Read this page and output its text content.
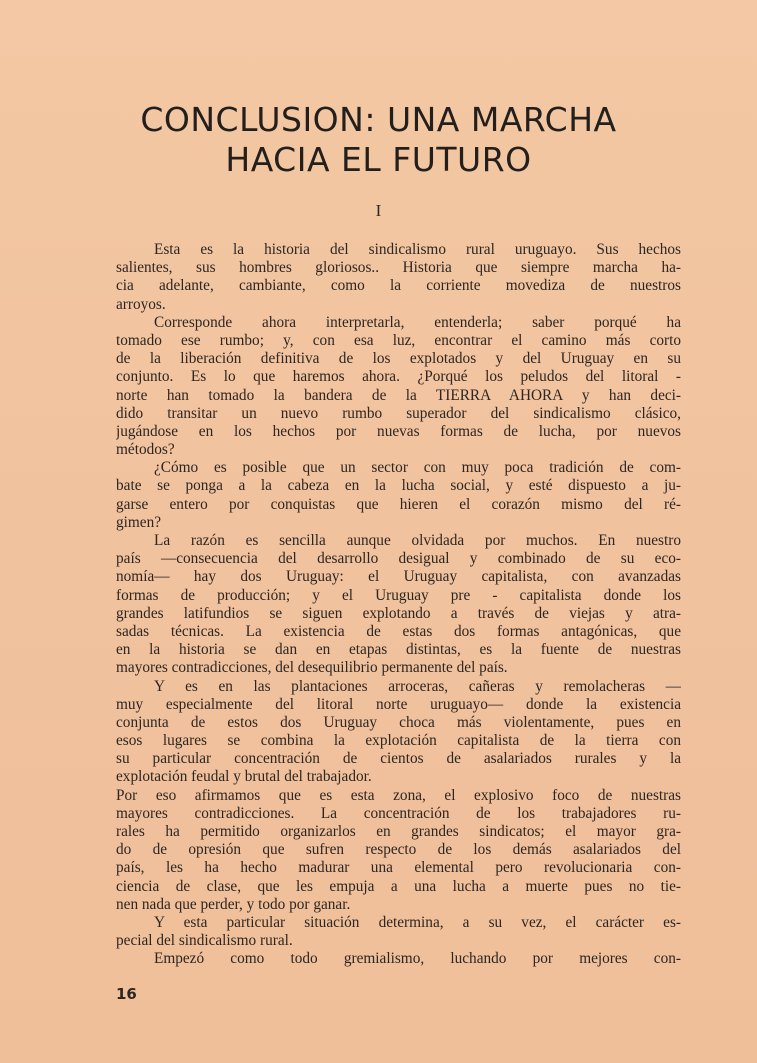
CONCLUSION: UNA MARCHA
HACIA EL FUTURO
I
Esta es la historia del sindicalismo rural uruguayo. Sus hechos
salientes, sus hombres gloriosos.. Historia que siempre marcha ha-
cia adelante, cambiante, como la corriente movediza de nuestros
arroyos.
Corresponde ahora interpretarla, entenderla; saber porqué ha
tomado ese rumbo; y, con esa luz, encontrar el camino más corto
de la liberación definitiva de los explotados y del Uruguay en su
conjunto. Es lo que haremos ahora. ¿Porqué los peludos del litoral -
norte han tomado la bandera de la TIERRA AHORA y han deci-
dido transitar un nuevo rumbo superador del sindicalismo clásico,
jugándose en los hechos por nuevas formas de lucha, por nuevos
métodos?
¿Cómo es posible que un sector con muy poca tradición de com-
bate se ponga a la cabeza en la lucha social, y esté dispuesto a ju-
garse entero por conquistas que hieren el corazón mismo del ré-
gimen?
La razón es sencilla aunque olvidada por muchos. En nuestro
país —consecuencia del desarrollo desigual y combinado de su eco-
nomía— hay dos Uruguay: el Uruguay capitalista, con avanzadas
formas de producción; y el Uruguay pre - capitalista donde los
grandes latifundios se siguen explotando a través de viejas y atra-
sadas técnicas. La existencia de estas dos formas antagónicas, que
en la historia se dan en etapas distintas, es la fuente de nuestras
mayores contradicciones, del desequilibrio permanente del país.
Y es en las plantaciones arroceras, cañeras y remolacheras —
muy especialmente del litoral norte uruguayo— donde la existencia
conjunta de estos dos Uruguay choca más violentamente, pues en
esos lugares se combina la explotación capitalista de la tierra con
su particular concentración de cientos de asalariados rurales y la
explotación feudal y brutal del trabajador.
Por eso afirmamos que es esta zona, el explosivo foco de nuestras
mayores contradicciones. La concentración de los trabajadores ru-
rales ha permitido organizarlos en grandes sindicatos; el mayor gra-
do de opresión que sufren respecto de los demás asalariados del
país, les ha hecho madurar una elemental pero revolucionaria con-
ciencia de clase, que les empuja a una lucha a muerte pues no tie-
nen nada que perder, y todo por ganar.
Y esta particular situación determina, a su vez, el carácter es-
pecial del sindicalismo rural.
Empezó como todo gremialismo, luchando por mejores con-
16
